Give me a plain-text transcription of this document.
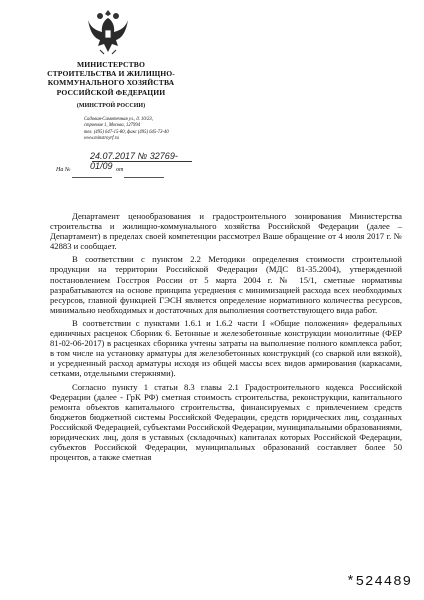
МИНИСТЕРСТВО
СТРОИТЕЛЬСТВА И ЖИЛИЩНО-
КОММУНАЛЬНОГО ХОЗЯЙСТВА
РОССИЙСКОЙ ФЕДЕРАЦИИ
(МИНСТРОЙ РОССИИ)
Садовая-Самотечная ул., д. 10/23,
строение 1, Москва, 127994
тел. (495) 647-15-80, факс (495) 645-73-40
www.minstroyrf.ru
24.07.2017 № 32769-01/09
На №	от

Департамент ценообразования и градостроительного зонирования Министерства строительства и жилищно-коммунального хозяйства Российской Федерации (далее – Департамент) в пределах своей компетенции рассмотрел Ваше обращение от 4 июля 2017 г. № 42883 и сообщает.

В соответствии с пунктом 2.2 Методики определения стоимости строительной продукции на территории Российской Федерации (МДС 81-35.2004), утвержденной постановлением Госстроя России от 5 марта 2004 г. № 15/1, сметные нормативы разрабатываются на основе принципа усреднения с минимизацией расхода всех необходимых ресурсов, главной функцией ГЭСН является определение нормативного количества ресурсов, минимально необходимых и достаточных для выполнения соответствующего вида работ.

В соответствии с пунктами 1.6.1 и 1.6.2 части I «Общие положения» федеральных единичных расценок Сборник 6. Бетонные и железобетонные конструкции монолитные (ФЕР 81-02-06-2017) в расценках сборника учтены затраты на выполнение полного комплекса работ, в том числе на установку арматуры для железобетонных конструкций (со сваркой или вязкой), и усредненный расход арматуры исходя из общей массы всех видов армирования (каркасами, сетками, отдельными стержнями).

Согласно пункту 1 статьи 8.3 главы 2.1 Градостроительного кодекса Российской Федерации (далее - ГрК РФ) сметная стоимость строительства, реконструкции, капитального ремонта объектов капитального строительства, финансируемых с привлечением средств бюджетов бюджетной системы Российской Федерации, средств юридических лиц, созданных Российской Федерацией, субъектами Российской Федерации, муниципальными образованиями, юридических лиц, доля в уставных (складочных) капиталах которых Российской Федерации, субъектов Российской Федерации, муниципальных образований составляет более 50 процентов, а также сметная

*524489
